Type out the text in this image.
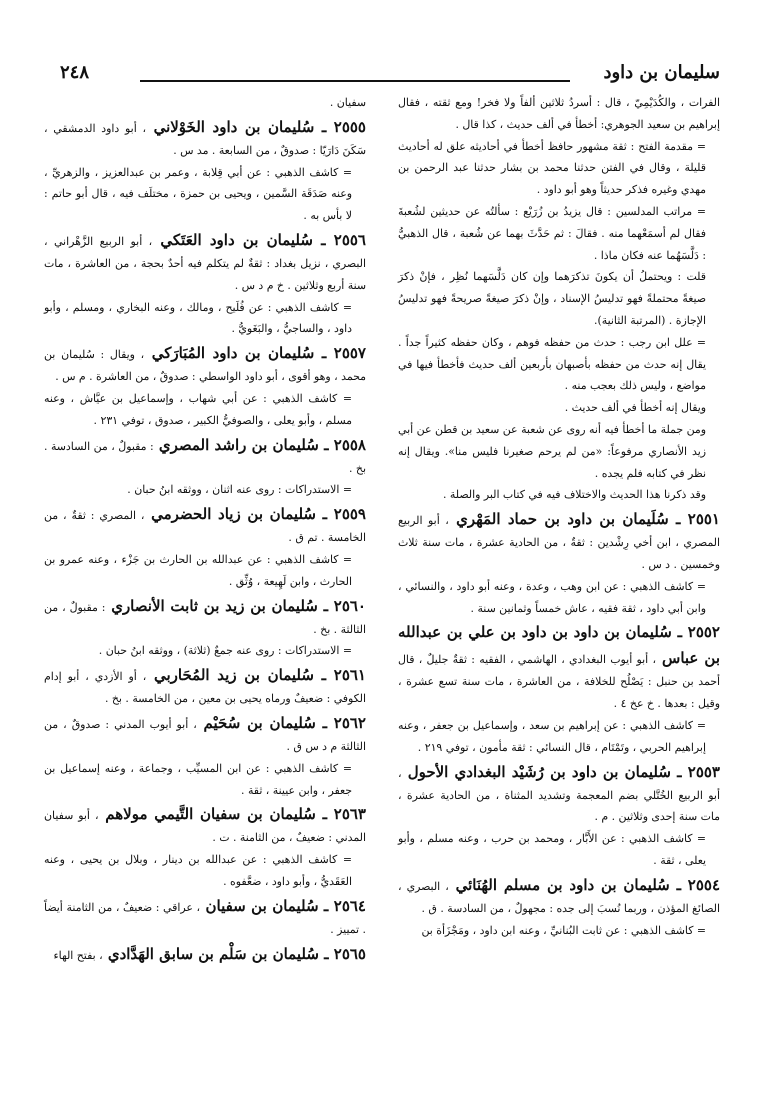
سليمان بن داود
٢٤٨

الفرات ، والكُدَيْمِيّ ، قال : أسردُ ثلاثين ألفاً ولا فخر! ومع ثقته ، فقال إبراهيم بن سعيد الجوهري: أخطأ في ألف حديث ، كذا قال .

= مقدمة الفتح : ثقة مشهور حافظ أخطأ في أحاديثه علق له أحاديث قليلة ، وقال في الفتن حدثنا محمد بن بشار حدثنا عبد الرحمن بن مهدي وغيره فذكر حديثاً وهو أبو داود .

= مراتب المدلسين : قال يزيدُ بن زُرَيْع : سألتُه عن حديثين لشُعبةَ فقال لم أسمَعْهما منه . فقالَ : ثم حَدَّثَ بهما عن شُعبة ، قال الذهبيُّ : دَلَّسَهُما عنه فكان ماذا .

قلت : ويحتملُ أن يكونَ تذكرَهما وإن كان دَلَّسَهما نُظِر ، فإنْ ذكرَ صيغةً محتملةً فهو تدليسُ الإسناد ، وإنْ ذكرَ صيغةً صريحةً فهو تدليسُ الإجازة . (المرتبة الثانية).

= علل ابن رجب : حدث من حفظه فوهم ، وكان حفظه كثيراً جداً . يقال إنه حدث من حفظه بأصبهان بأربعين ألف حديث فأخطأ فيها في مواضع ، وليس ذلك بعجب منه .

ويقال إنه أخطأ في ألف حديث .

ومن جملة ما أخطأ فيه أنه روى عن شعبة عن سعيد بن قطن عن أبي زيد الأنصاري مرفوعاً: «من لم يرحم صغيرنا فليس منا». ويقال إنه نظر في كتابه فلم يجده .

وقد ذكرنا هذا الحديث والاختلاف فيه في كتاب البر والصلة .

٢٥٥١ ـ سُلَيمان بن داود بن حماد المَهْري ، أبو الربيع المصري ، ابن أخي رِشْدين : ثقةٌ ، من الحادية عشرة ، مات سنة ثلاث وخمسين . د س .

= كاشف الذهبي : عن ابن وهب ، وعدة ، وعنه أبو داود ، والنسائي ، وابن أبي داود ، ثقة فقيه ، عاش خمساً وثمانين سنة .

٢٥٥٢ ـ سُليمان بن داود بن داود بن علي بن عبدالله بن عباس ، أبو أيوب البغدادي ، الهاشمي ، الفقيه : ثقةٌ جليلٌ ، قال أحمد بن حنبل : يَصْلُح للخلافة ، من العاشرة ، مات سنة تسع عشرة ، وقيل : بعدها . خ عخ ٤ .

= كاشف الذهبي : عن إبراهيم بن سعد ، وإسماعيل بن جعفر ، وعنه إبراهيم الحربي ، وتَمْتَام ، قال النسائي : ثقة مأمون ، توفي ٢١٩ .

٢٥٥٣ ـ سُليمان بن داود بن رُشَيْد البغدادي الأحول ، أبو الربيع الخُتَّلي بضم المعجمة وتشديد المثناة ، من الحادية عشرة ، مات سنة إحدى وثلاثين . م .

= كاشف الذهبي : عن الأَبَّار ، ومحمد بن حرب ، وعنه مسلم ، وأبو يعلى ، ثقة .

٢٥٥٤ ـ سُليمان بن داود بن مسلم الهُنَائي ، البصري ، الصائغ المؤذن ، وربما نُسبَ إلى جده : مجهولٌ ، من السادسة . ق .

= كاشف الذهبي : عن ثابت البُنانيِّ ، وعنه ابن داود ، ومَجْزَأة بن

سفيان .

٢٥٥٥ ـ سُليمان بن داود الخَوْلاني ، أبو داود الدمشقي ، سَكَنَ دَارَيّا : صدوقٌ ، من السابعة . مد س .

= كاشف الذهبي : عن أبي قِلابة ، وعمر بن عبدالعزيز ، والزهريِّ ، وعنه صَدَقَة السَّمين ، ويحيى بن حمزة ، مختلَف فيه ، قال أبو حاتم : لا بأس به .

٢٥٥٦ ـ سُليمان بن داود العَتَكي ، أبو الربيع الزَّهْراني ، البصري ، نزيل بغداد : ثقةٌ لم يتكلم فيه أحدٌ بحجة ، من العاشرة ، مات سنة أربع وثلاثين . خ م د س .

= كاشف الذهبي : عن فُلَيح ، ومالك ، وعنه البخاري ، ومسلم ، وأبو داود ، والساجيُّ ، والبَغَويُّ .

٢٥٥٧ ـ سُليمان بن داود المُبَارَكي ، ويقال : سُليمان بن محمد ، وهو أقوى ، أبو داود الواسطي : صدوقٌ ، من العاشرة . م س .

= كاشف الذهبي : عن أبي شهاب ، وإسماعيل بن عيَّاش ، وعنه مسلم ، وأبو يعلى ، والصوفيُّ الكبير ، صدوق ، توفي ٢٣١ .

٢٥٥٨ ـ سُليمان بن راشد المصري : مقبولٌ ، من السادسة . بخ .

= الاستدراكات : روى عنه اثنان ، ووثقه ابنُ حبان .

٢٥٥٩ ـ سُليمان بن زياد الحضرمي ، المصري : ثقةٌ ، من الخامسة . تم ق .

= كاشف الذهبي : عن عبدالله بن الحارث بن جَزْء ، وعنه عمرو بن الحارث ، وابن لَهِيعة ، وُثِّق .

٢٥٦٠ ـ سُليمان بن زيد بن ثابت الأنصاري : مقبولٌ ، من الثالثة . بخ .

= الاستدراكات : روى عنه جمعٌ (ثلاثة) ، ووثقه ابنُ حبان .

٢٥٦١ ـ سُليمان بن زيد المُحَاربي ، أو الأزدي ، أبو إدام الكوفي : ضعيفٌ ورماه يحيى بن معين ، من الخامسة . بخ .

٢٥٦٢ ـ سُليمان بن سُحَيْم ، أبو أيوب المدني : صدوقٌ ، من الثالثة م د س ق .

= كاشف الذهبي : عن ابن المسيِّب ، وجماعة ، وعنه إسماعيل بن جعفر ، وابن عيينة ، ثقة .

٢٥٦٣ ـ سُليمان بن سفيان التَّيمي مولاهم ، أبو سفيان المدني : ضعيفٌ ، من الثامنة . ت .

= كاشف الذهبي : عن عبدالله بن دينار ، وبلال بن يحيى ، وعنه العَقَديُّ ، وأبو داود ، ضعَّفوه .

٢٥٦٤ ـ سُليمان بن سفيان ، عراقي : ضعيفٌ ، من الثامنة أيضاً . تمييز .

٢٥٦٥ ـ سُليمان بن سَلْم بن سابق الهَدَّادي ، بفتح الهاء
